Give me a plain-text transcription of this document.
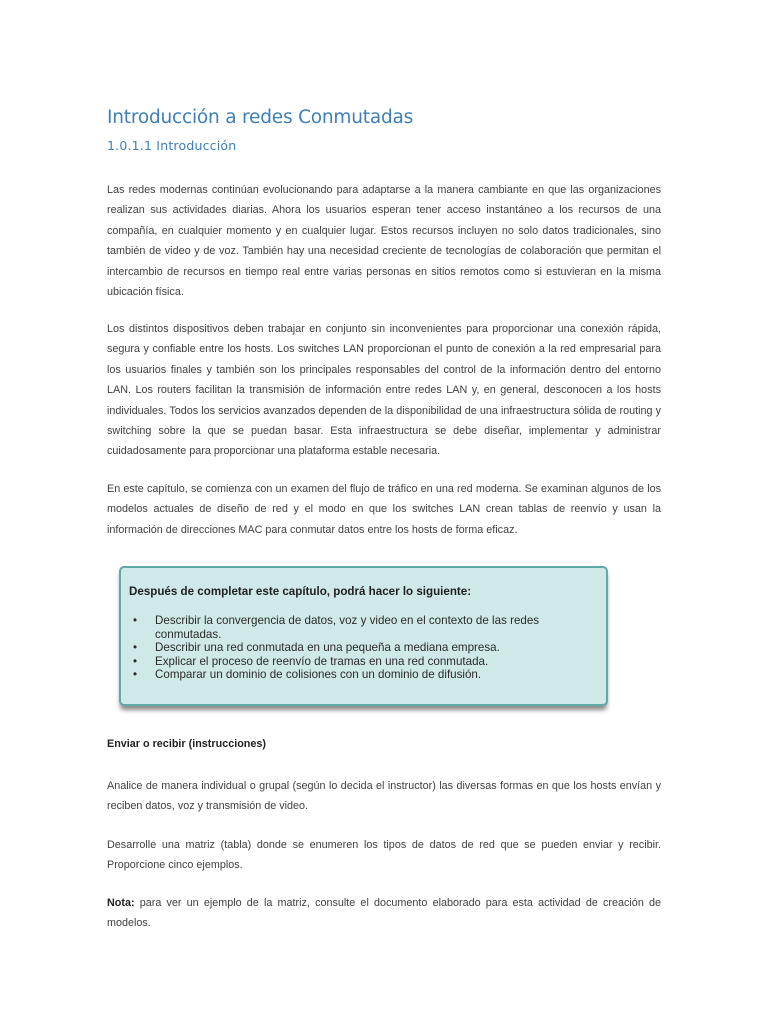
Introducción a redes Conmutadas
1.0.1.1 Introducción

Las redes modernas continúan evolucionando para adaptarse a la manera cambiante en que las organizaciones realizan sus actividades diarias. Ahora los usuarios esperan tener acceso instantáneo a los recursos de una compañía, en cualquier momento y en cualquier lugar. Estos recursos incluyen no solo datos tradicionales, sino también de video y de voz. También hay una necesidad creciente de tecnologías de colaboración que permitan el intercambio de recursos en tiempo real entre varias personas en sitios remotos como si estuvieran en la misma ubicación física.

Los distintos dispositivos deben trabajar en conjunto sin inconvenientes para proporcionar una conexión rápida, segura y confiable entre los hosts. Los switches LAN proporcionan el punto de conexión a la red empresarial para los usuarios finales y también son los principales responsables del control de la información dentro del entorno LAN. Los routers facilitan la transmisión de información entre redes LAN y, en general, desconocen a los hosts individuales. Todos los servicios avanzados dependen de la disponibilidad de una infraestructura sólida de routing y switching sobre la que se puedan basar. Esta infraestructura se debe diseñar, implementar y administrar cuidadosamente para proporcionar una plataforma estable necesaria.

En este capítulo, se comienza con un examen del flujo de tráfico en una red moderna. Se examinan algunos de los modelos actuales de diseño de red y el modo en que los switches LAN crean tablas de reenvío y usan la información de direcciones MAC para conmutar datos entre los hosts de forma eficaz.

Después de completar este capítulo, podrá hacer lo siguiente:
• Describir la convergencia de datos, voz y video en el contexto de las redes conmutadas.
• Describir una red conmutada en una pequeña a mediana empresa.
• Explicar el proceso de reenvío de tramas en una red conmutada.
• Comparar un dominio de colisiones con un dominio de difusión.
Enviar o recibir (instrucciones)

Analice de manera individual o grupal (según lo decida el instructor) las diversas formas en que los hosts envían y reciben datos, voz y transmisión de video.

Desarrolle una matriz (tabla) donde se enumeren los tipos de datos de red que se pueden enviar y recibir. Proporcione cinco ejemplos.

Nota: para ver un ejemplo de la matriz, consulte el documento elaborado para esta actividad de creación de modelos.
